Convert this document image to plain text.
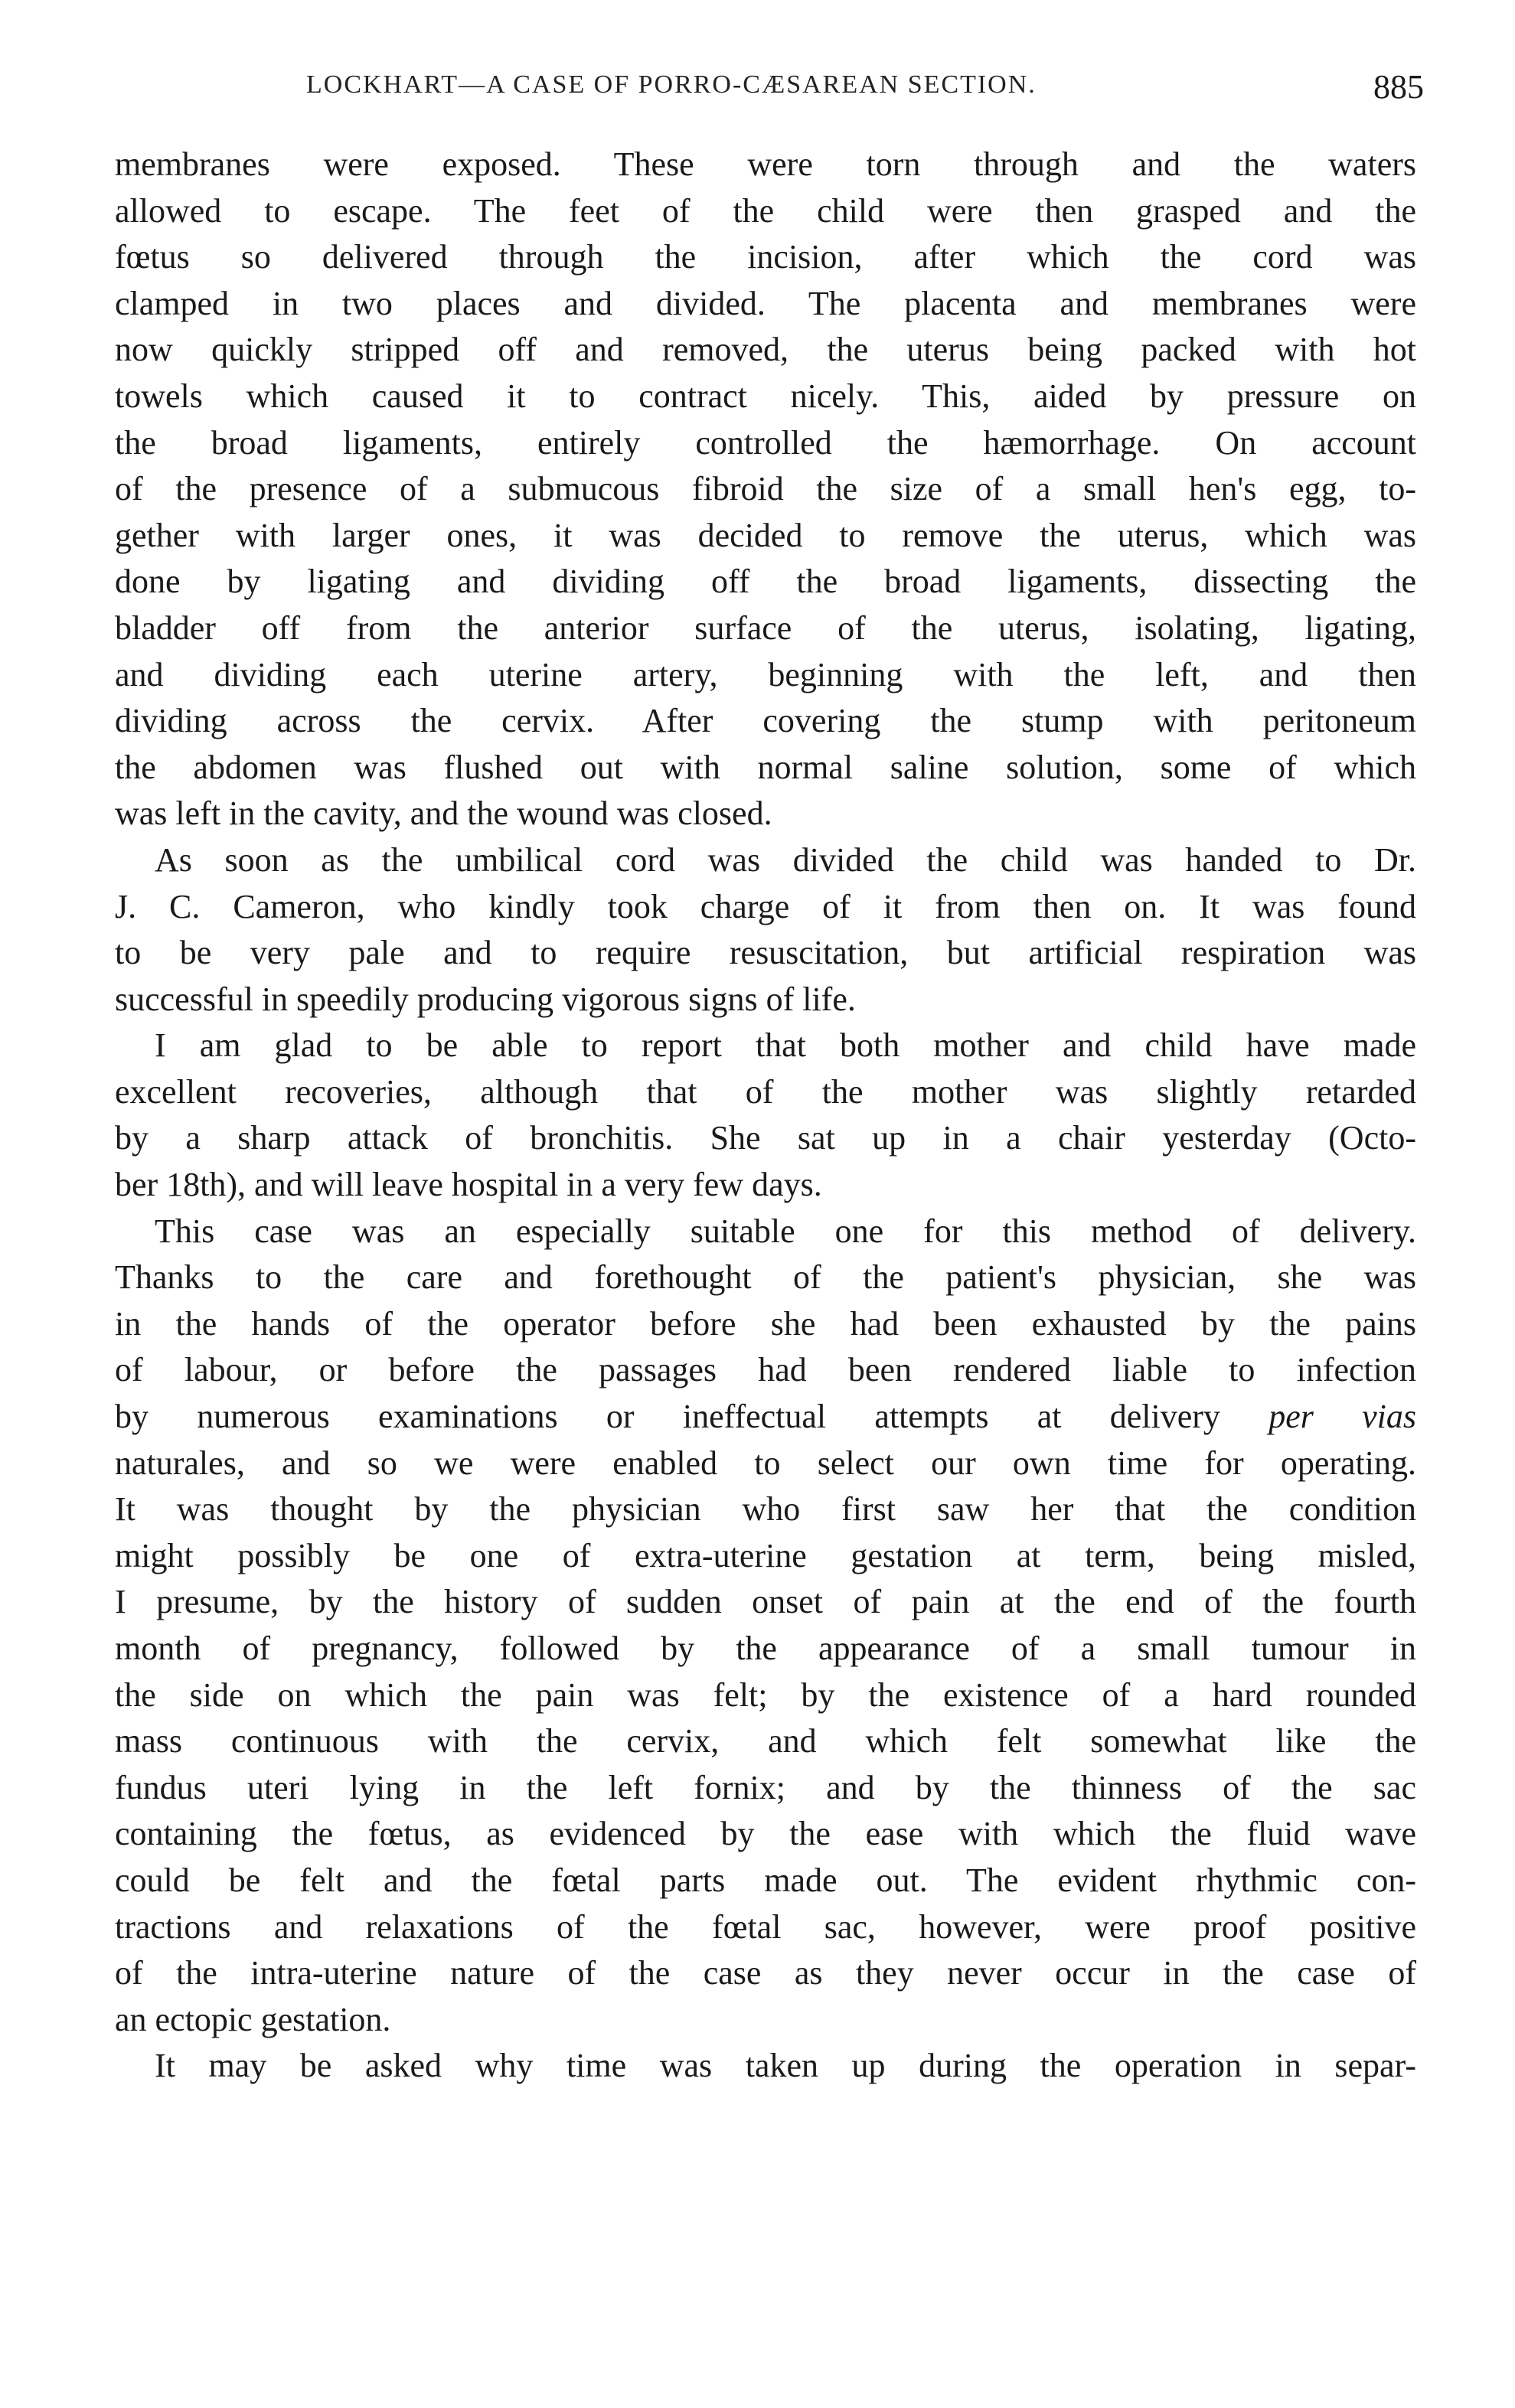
LOCKHART—A CASE OF PORRO-CÆSAREAN SECTION.	885
membranes were exposed. These were torn through and the waters
allowed to escape. The feet of the child were then grasped and the
fœtus so delivered through the incision, after which the cord was
clamped in two places and divided. The placenta and membranes were
now quickly stripped off and removed, the uterus being packed with hot
towels which caused it to contract nicely. This, aided by pressure on
the broad ligaments, entirely controlled the hæmorrhage. On account
of the presence of a submucous fibroid the size of a small hen's egg, to-
gether with larger ones, it was decided to remove the uterus, which was
done by ligating and dividing off the broad ligaments, dissecting the
bladder off from the anterior surface of the uterus, isolating, ligating,
and dividing each uterine artery, beginning with the left, and then
dividing across the cervix. After covering the stump with peritoneum
the abdomen was flushed out with normal saline solution, some of which
was left in the cavity, and the wound was closed.
As soon as the umbilical cord was divided the child was handed to Dr.
J. C. Cameron, who kindly took charge of it from then on. It was found
to be very pale and to require resuscitation, but artificial respiration was
successful in speedily producing vigorous signs of life.
I am glad to be able to report that both mother and child have made
excellent recoveries, although that of the mother was slightly retarded
by a sharp attack of bronchitis. She sat up in a chair yesterday (Octo-
ber 18th), and will leave hospital in a very few days.
This case was an especially suitable one for this method of delivery.
Thanks to the care and forethought of the patient's physician, she was
in the hands of the operator before she had been exhausted by the pains
of labour, or before the passages had been rendered liable to infection
by numerous examinations or ineffectual attempts at delivery per vias
naturales, and so we were enabled to select our own time for operating.
It was thought by the physician who first saw her that the condition
might possibly be one of extra-uterine gestation at term, being misled,
I presume, by the history of sudden onset of pain at the end of the fourth
month of pregnancy, followed by the appearance of a small tumour in
the side on which the pain was felt; by the existence of a hard rounded
mass continuous with the cervix, and which felt somewhat like the
fundus uteri lying in the left fornix; and by the thinness of the sac
containing the fœtus, as evidenced by the ease with which the fluid wave
could be felt and the fœtal parts made out. The evident rhythmic con-
tractions and relaxations of the fœtal sac, however, were proof positive
of the intra-uterine nature of the case as they never occur in the case of
an ectopic gestation.
It may be asked why time was taken up during the operation in separ-
